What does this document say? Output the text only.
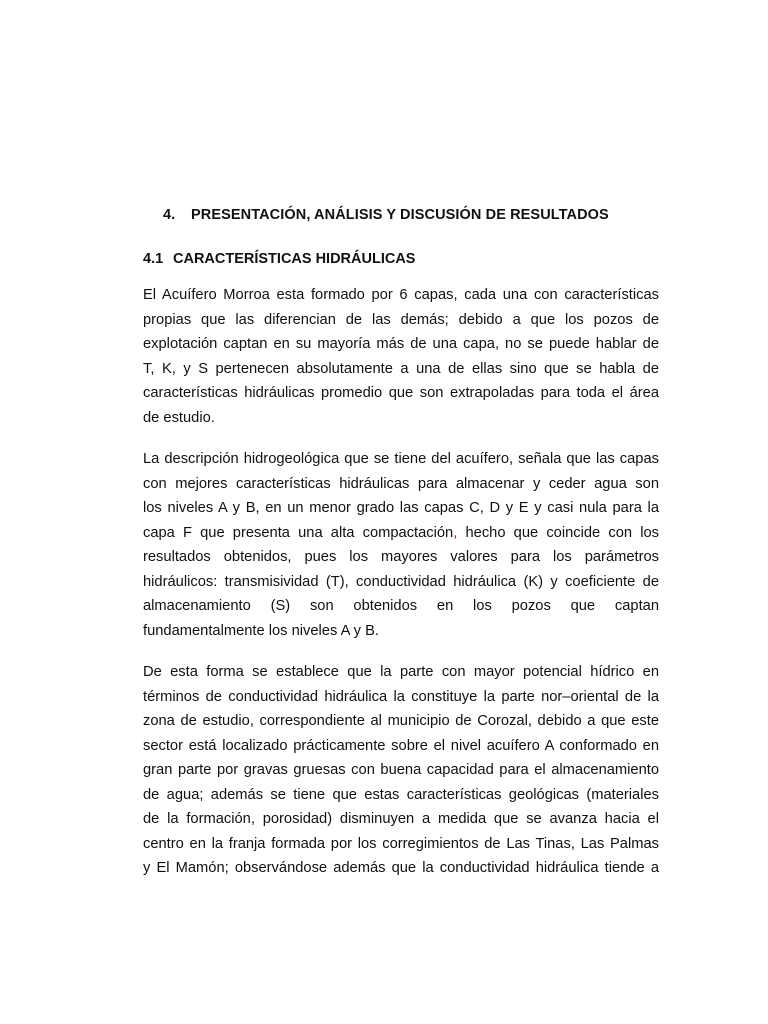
4. PRESENTACIÓN, ANÁLISIS Y DISCUSIÓN DE RESULTADOS
4.1 CARACTERÍSTICAS HIDRÁULICAS

El Acuífero Morroa esta formado por 6 capas, cada una con características
propias que las diferencian de las demás; debido a que los pozos de
explotación captan en su mayoría más de una capa, no se puede hablar de
T, K, y S pertenecen absolutamente a una de ellas sino que se habla de
características hidráulicas promedio que son extrapoladas para toda el área
de estudio.

La descripción hidrogeológica que se tiene del acuífero, señala que las capas
con mejores características hidráulicas para almacenar y ceder agua son
los niveles A y B, en un menor grado las capas C, D y E y casi nula para la
capa F que presenta una alta compactación, hecho que coincide con los
resultados obtenidos, pues los mayores valores para los parámetros
hidráulicos: transmisividad (T), conductividad hidráulica (K) y coeficiente de
almacenamiento (S) son obtenidos en los pozos que captan
fundamentalmente los niveles A y B.

De esta forma se establece que la parte con mayor potencial hídrico en
términos de conductividad hidráulica la constituye la parte nor–oriental de la
zona de estudio, correspondiente al municipio de Corozal, debido a que este
sector está localizado prácticamente sobre el nivel acuífero A conformado en
gran parte por gravas gruesas con buena capacidad para el almacenamiento
de agua; además se tiene que estas características geológicas (materiales
de la formación, porosidad) disminuyen a medida que se avanza hacia el
centro en la franja formada por los corregimientos de Las Tinas, Las Palmas
y El Mamón; observándose además que la conductividad hidráulica tiende a
